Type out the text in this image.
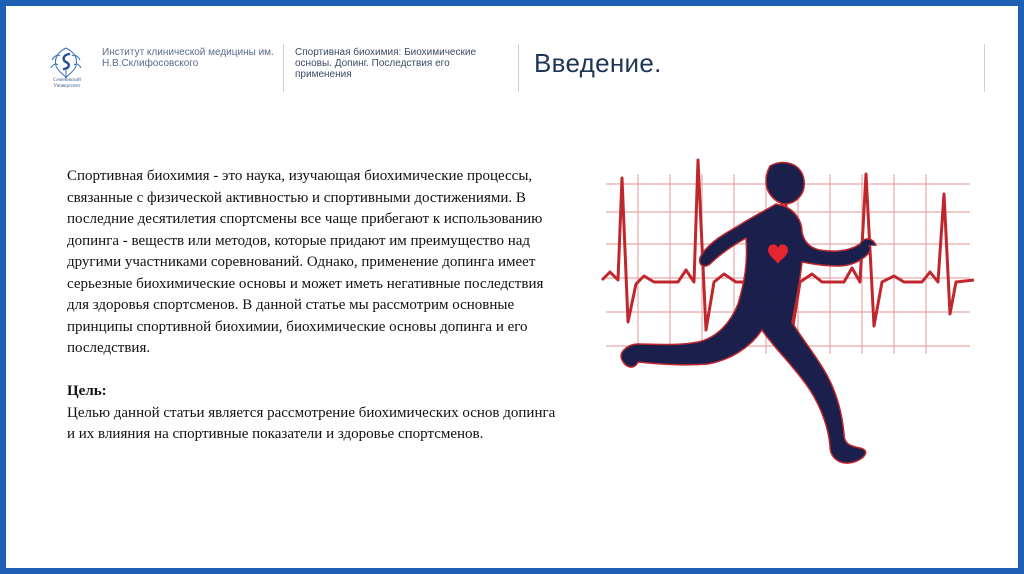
Сеченовский
Университет
Институт клинической медицины им. Н.В.Склифосовского
Спортивная биохимия: Биохимические основы. Допинг. Последствия его применения	Введение.
Спортивная биохимия - это наука, изучающая биохимические процессы, связанные с физической активностью и спортивными достижениями. В последние десятилетия спортсмены все чаще прибегают к использованию допинга - веществ или методов, которые придают им преимущество над другими участниками соревнований. Однако, применение допинга имеет серьезные биохимические основы и может иметь негативные последствия для здоровья спортсменов. В данной статье мы рассмотрим основные принципы спортивной биохимии, биохимические основы допинга и его последствия.
Цель:
Целью данной статьи является рассмотрение биохимических основ допинга и их влияния на спортивные показатели и здоровье спортсменов.
